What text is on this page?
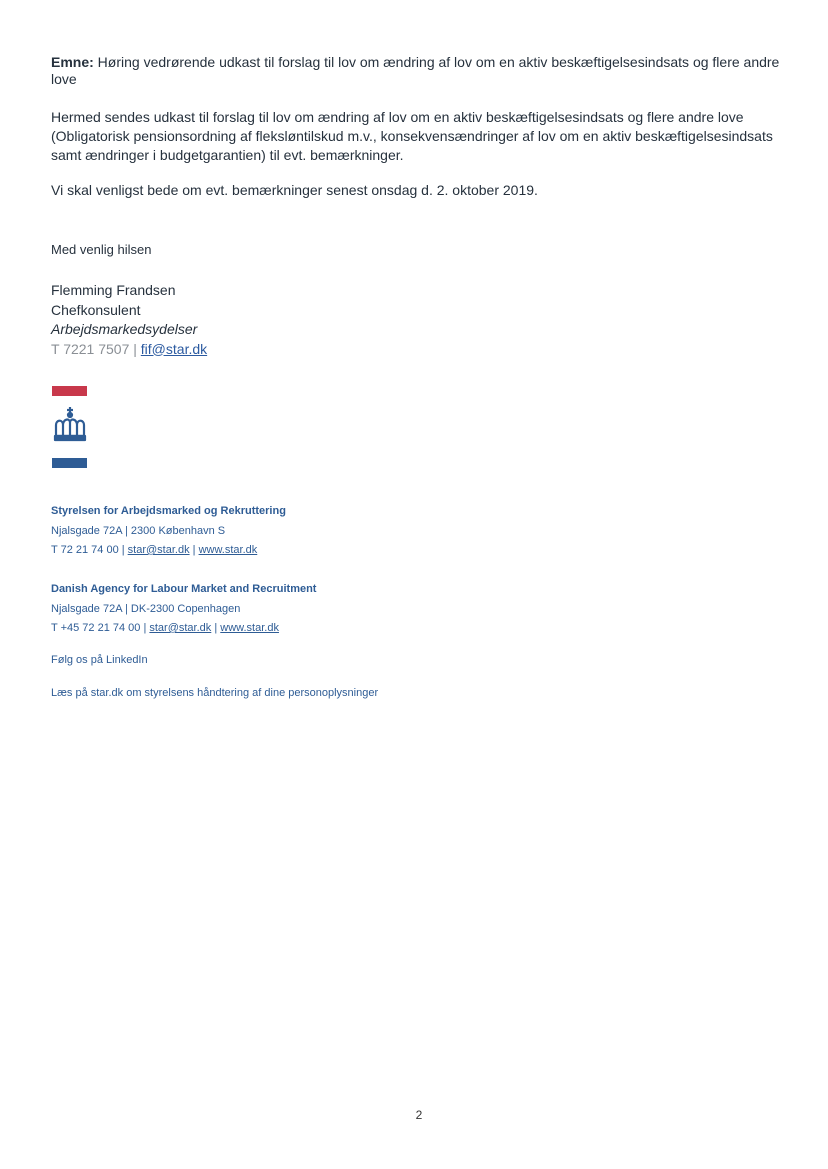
Emne: Høring vedrørende udkast til forslag til lov om ændring af lov om en aktiv beskæftigelsesindsats og flere andre love
Hermed sendes udkast til forslag til lov om ændring af lov om en aktiv beskæftigelsesindsats og flere andre love (Obligatorisk pensionsordning af fleksløntilskud m.v., konsekvensændringer af lov om en aktiv beskæftigelsesindsats samt ændringer i budgetgarantien) til evt. bemærkninger.
Vi skal venligst bede om evt. bemærkninger senest onsdag d. 2. oktober 2019.
Med venlig hilsen
Flemming Frandsen
Chefkonsulent
Arbejdsmarkedsydelser
T 7221 7507 | fif@star.dk
Styrelsen for Arbejdsmarked og Rekruttering
Njalsgade 72A | 2300 København S
T 72 21 74 00 | star@star.dk | www.star.dk
Danish Agency for Labour Market and Recruitment
Njalsgade 72A | DK-2300 Copenhagen
T +45 72 21 74 00 | star@star.dk | www.star.dk
Følg os på LinkedIn
Læs på star.dk om styrelsens håndtering af dine personoplysninger
2
